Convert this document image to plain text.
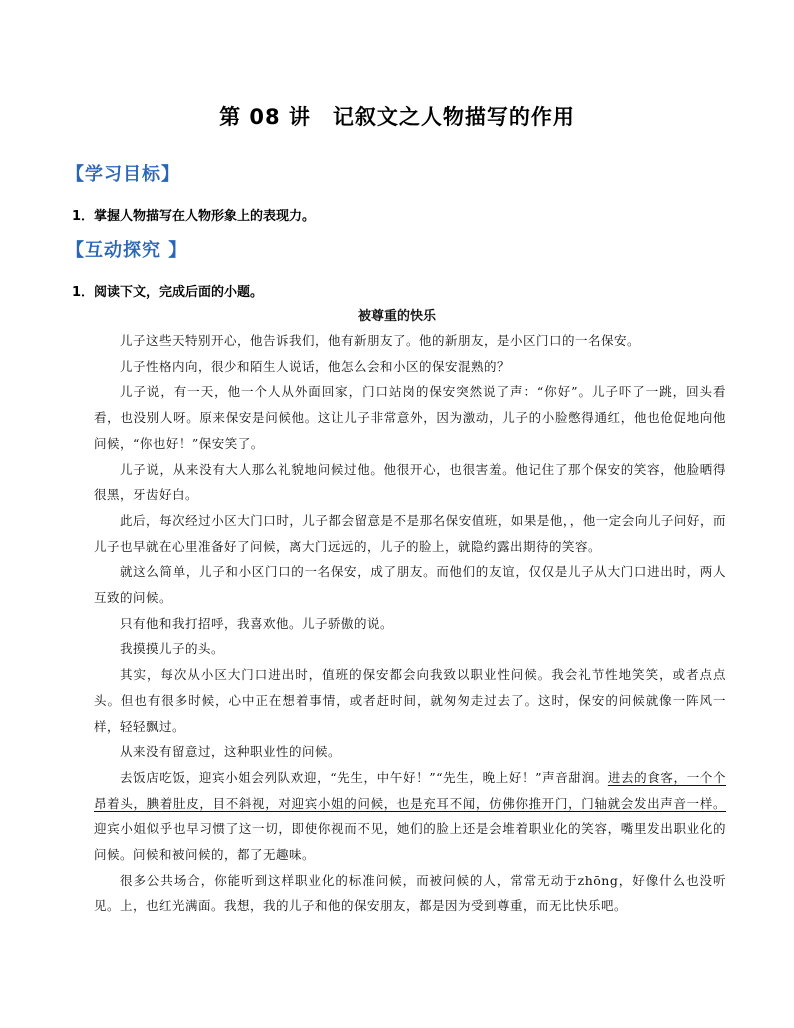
第 08 讲　记叙文之人物描写的作用
【学习目标】
1．掌握人物描写在人物形象上的表现力。
【互动探究 】
1．阅读下文，完成后面的小题。
被尊重的快乐

儿子这些天特别开心，他告诉我们，他有新朋友了。他的新朋友，是小区门口的一名保安。

儿子性格内向，很少和陌生人说话，他怎么会和小区的保安混熟的？

儿子说，有一天，他一个人从外面回家，门口站岗的保安突然说了声：“你好”。儿子吓了一跳，回头看看，也没别人呀。原来保安是问候他。这让儿子非常意外，因为激动，儿子的小脸憋得通红，他也伧促地向他问候，“你也好！”保安笑了。

儿子说，从来没有大人那么礼貌地问候过他。他很开心，也很害羞。他记住了那个保安的笑容，他脸晒得很黑，牙齿好白。

此后，每次经过小区大门口时，儿子都会留意是不是那名保安值班，如果是他，，他一定会向儿子问好，而儿子也早就在心里准备好了问候，离大门远远的，儿子的脸上，就隐约露出期待的笑容。

就这么简单，儿子和小区门口的一名保安，成了朋友。而他们的友谊，仅仅是儿子从大门口进出时，两人互致的问候。

只有他和我打招呼，我喜欢他。儿子骄傲的说。

我摸摸儿子的头。

其实，每次从小区大门口进出时，值班的保安都会向我致以职业性问候。我会礼节性地笑笑，或者点点头。但也有很多时候，心中正在想着事情，或者赶时间，就匆匆走过去了。这时，保安的问候就像一阵风一样，轻轻飘过。

从来没有留意过，这种职业性的问候。

去饭店吃饭，迎宾小姐会列队欢迎，“先生，中午好！”“先生，晚上好！”声音甜润。进去的食客，一个个昂着头，腆着肚皮，目不斜视，对迎宾小姐的问候，也是充耳不闻，仿佛你推开门，门轴就会发出声音一样。迎宾小姐似乎也早习惯了这一切，即使你视而不见，她们的脸上还是会堆着职业化的笑容，嘴里发出职业化的问候。问候和被问候的，都了无趣味。

很多公共场合，你能听到这样职业化的标准问候，而被问候的人，常常无动于zhōng，好像什么也没听见。上，也红光满面。我想，我的儿子和他的保安朋友，都是因为受到尊重，而无比快乐吧。
